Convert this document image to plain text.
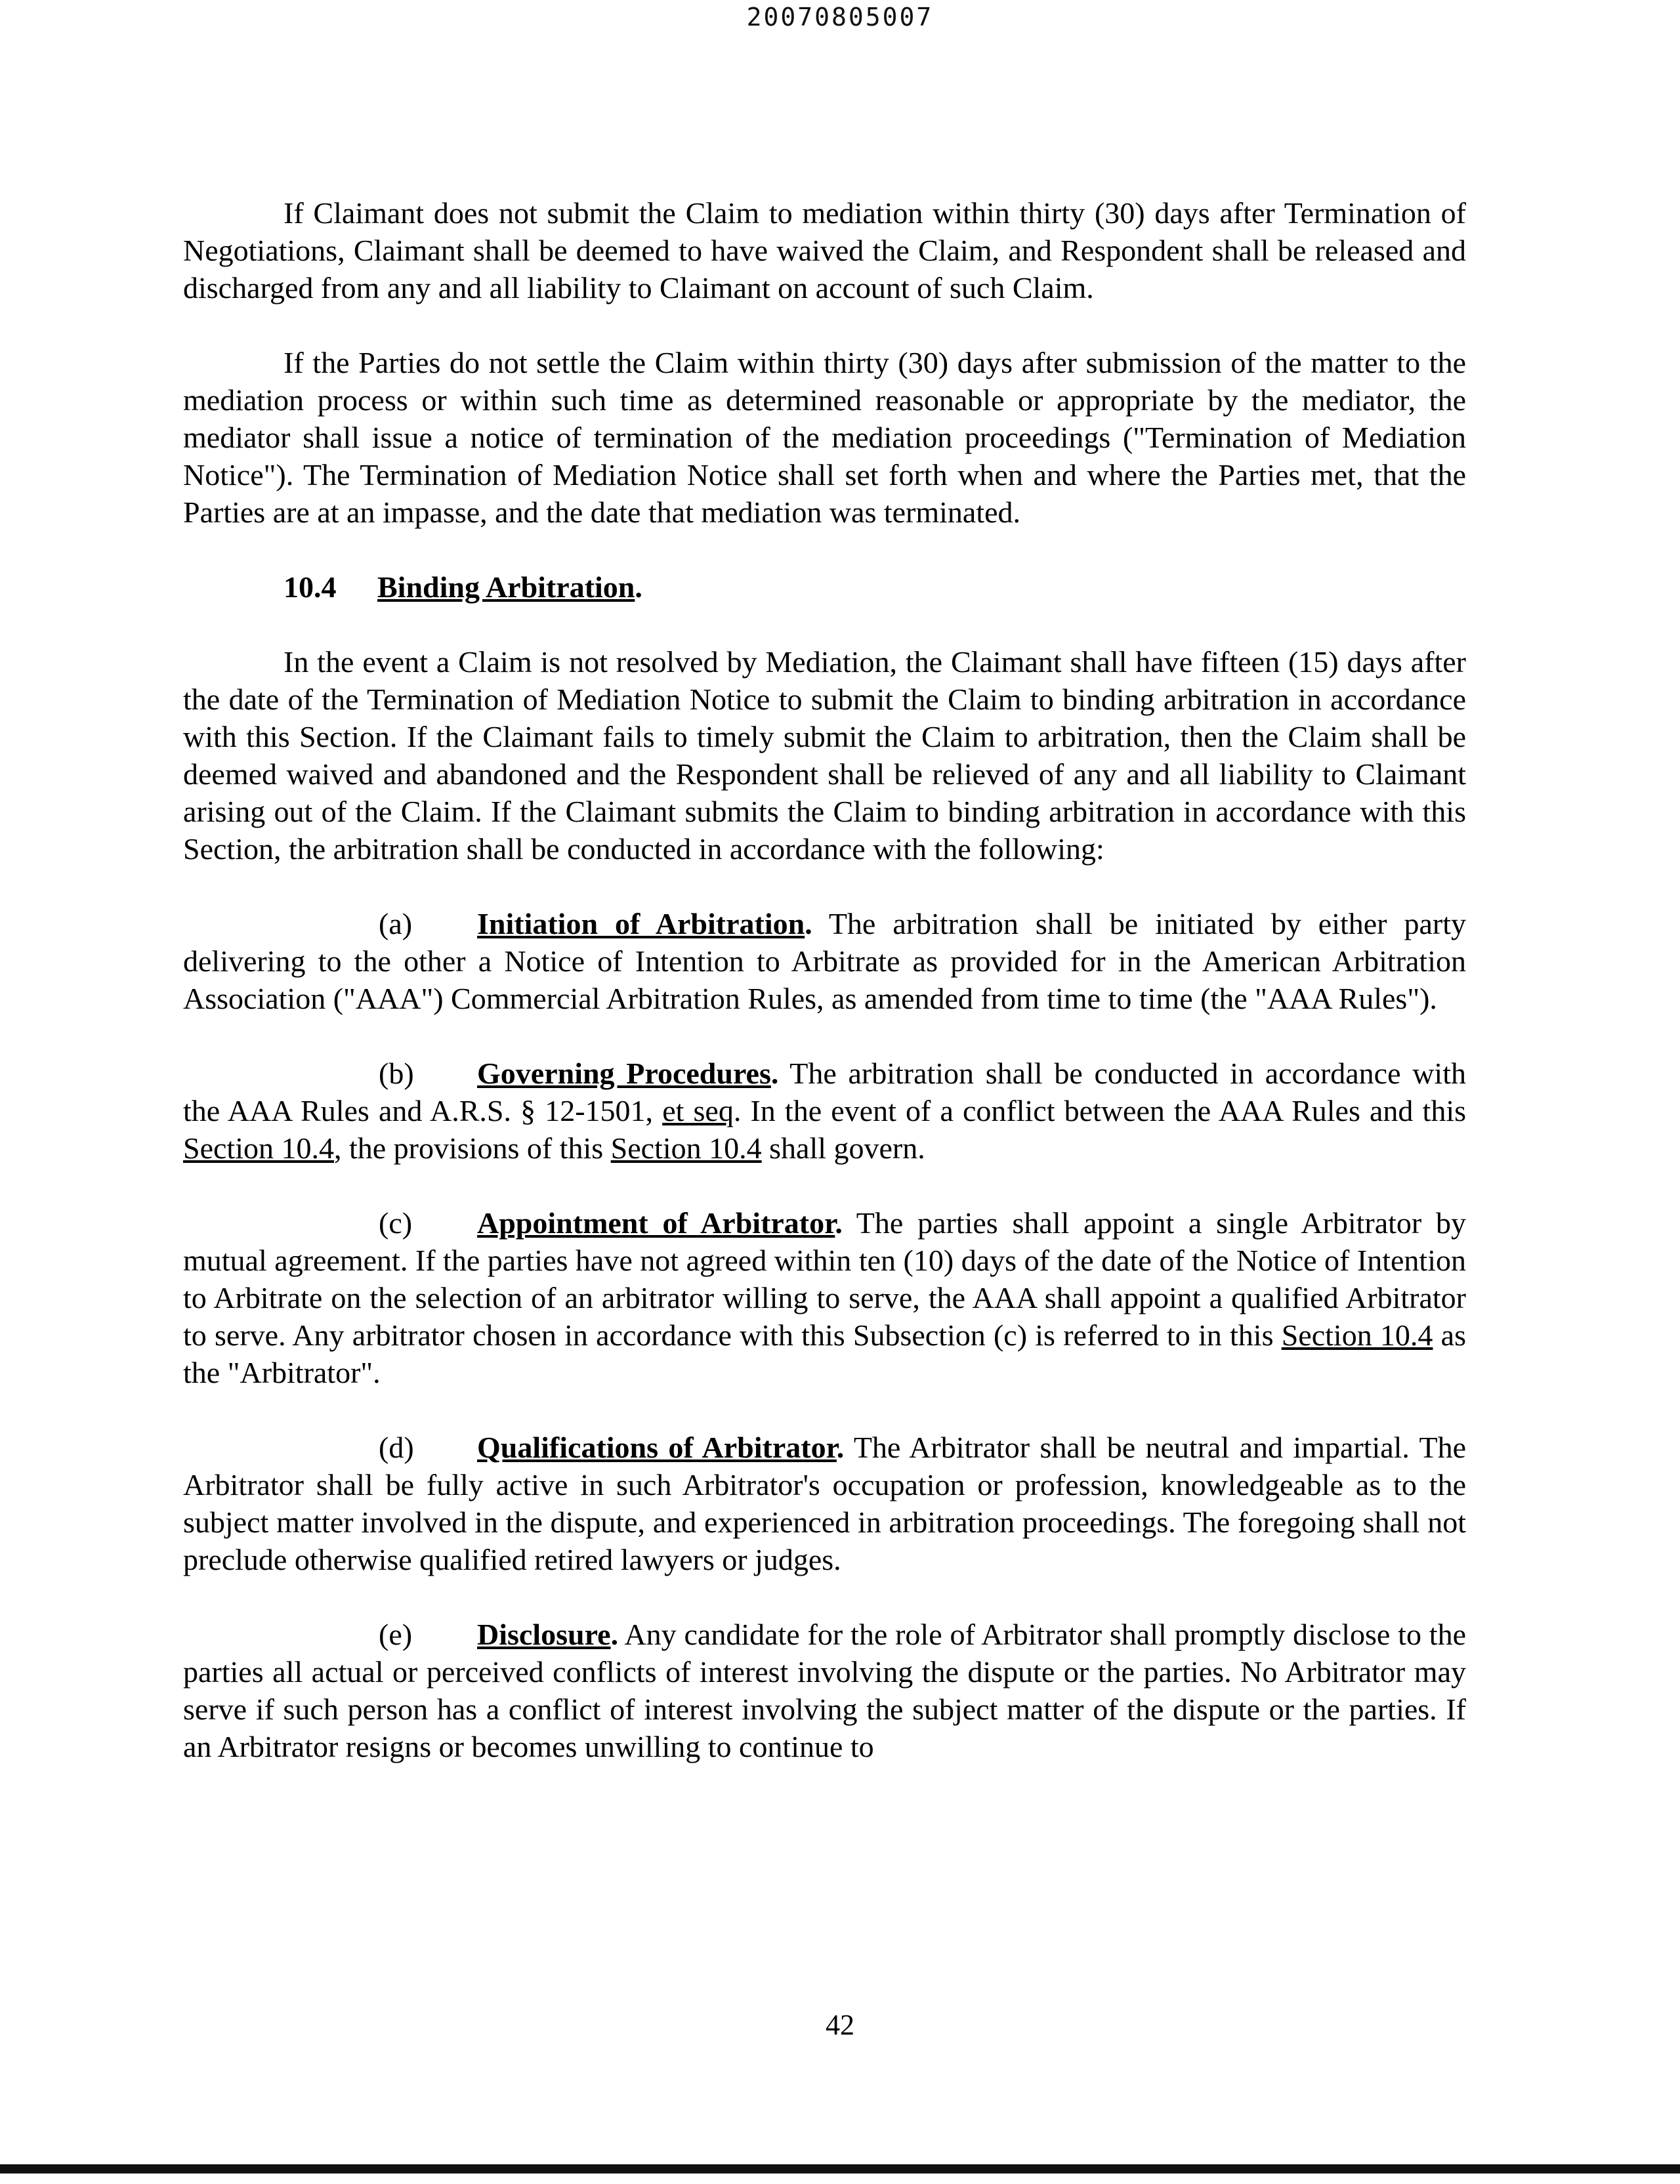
20070805007

If Claimant does not submit the Claim to mediation within thirty (30) days after Termination of Negotiations, Claimant shall be deemed to have waived the Claim, and Respondent shall be released and discharged from any and all liability to Claimant on account of such Claim.

If the Parties do not settle the Claim within thirty (30) days after submission of the matter to the mediation process or within such time as determined reasonable or appropriate by the mediator, the mediator shall issue a notice of termination of the mediation proceedings ("Termination of Mediation Notice"). The Termination of Mediation Notice shall set forth when and where the Parties met, that the Parties are at an impasse, and the date that mediation was terminated.

10.4 Binding Arbitration.

In the event a Claim is not resolved by Mediation, the Claimant shall have fifteen (15) days after the date of the Termination of Mediation Notice to submit the Claim to binding arbitration in accordance with this Section. If the Claimant fails to timely submit the Claim to arbitration, then the Claim shall be deemed waived and abandoned and the Respondent shall be relieved of any and all liability to Claimant arising out of the Claim. If the Claimant submits the Claim to binding arbitration in accordance with this Section, the arbitration shall be conducted in accordance with the following:

(a) Initiation of Arbitration. The arbitration shall be initiated by either party delivering to the other a Notice of Intention to Arbitrate as provided for in the American Arbitration Association ("AAA") Commercial Arbitration Rules, as amended from time to time (the "AAA Rules").

(b) Governing Procedures. The arbitration shall be conducted in accordance with the AAA Rules and A.R.S. § 12-1501, et seq. In the event of a conflict between the AAA Rules and this Section 10.4, the provisions of this Section 10.4 shall govern.

(c) Appointment of Arbitrator. The parties shall appoint a single Arbitrator by mutual agreement. If the parties have not agreed within ten (10) days of the date of the Notice of Intention to Arbitrate on the selection of an arbitrator willing to serve, the AAA shall appoint a qualified Arbitrator to serve. Any arbitrator chosen in accordance with this Subsection (c) is referred to in this Section 10.4 as the "Arbitrator".

(d) Qualifications of Arbitrator. The Arbitrator shall be neutral and impartial. The Arbitrator shall be fully active in such Arbitrator's occupation or profession, knowledgeable as to the subject matter involved in the dispute, and experienced in arbitration proceedings. The foregoing shall not preclude otherwise qualified retired lawyers or judges.

(e) Disclosure. Any candidate for the role of Arbitrator shall promptly disclose to the parties all actual or perceived conflicts of interest involving the dispute or the parties. No Arbitrator may serve if such person has a conflict of interest involving the subject matter of the dispute or the parties. If an Arbitrator resigns or becomes unwilling to continue to

42
